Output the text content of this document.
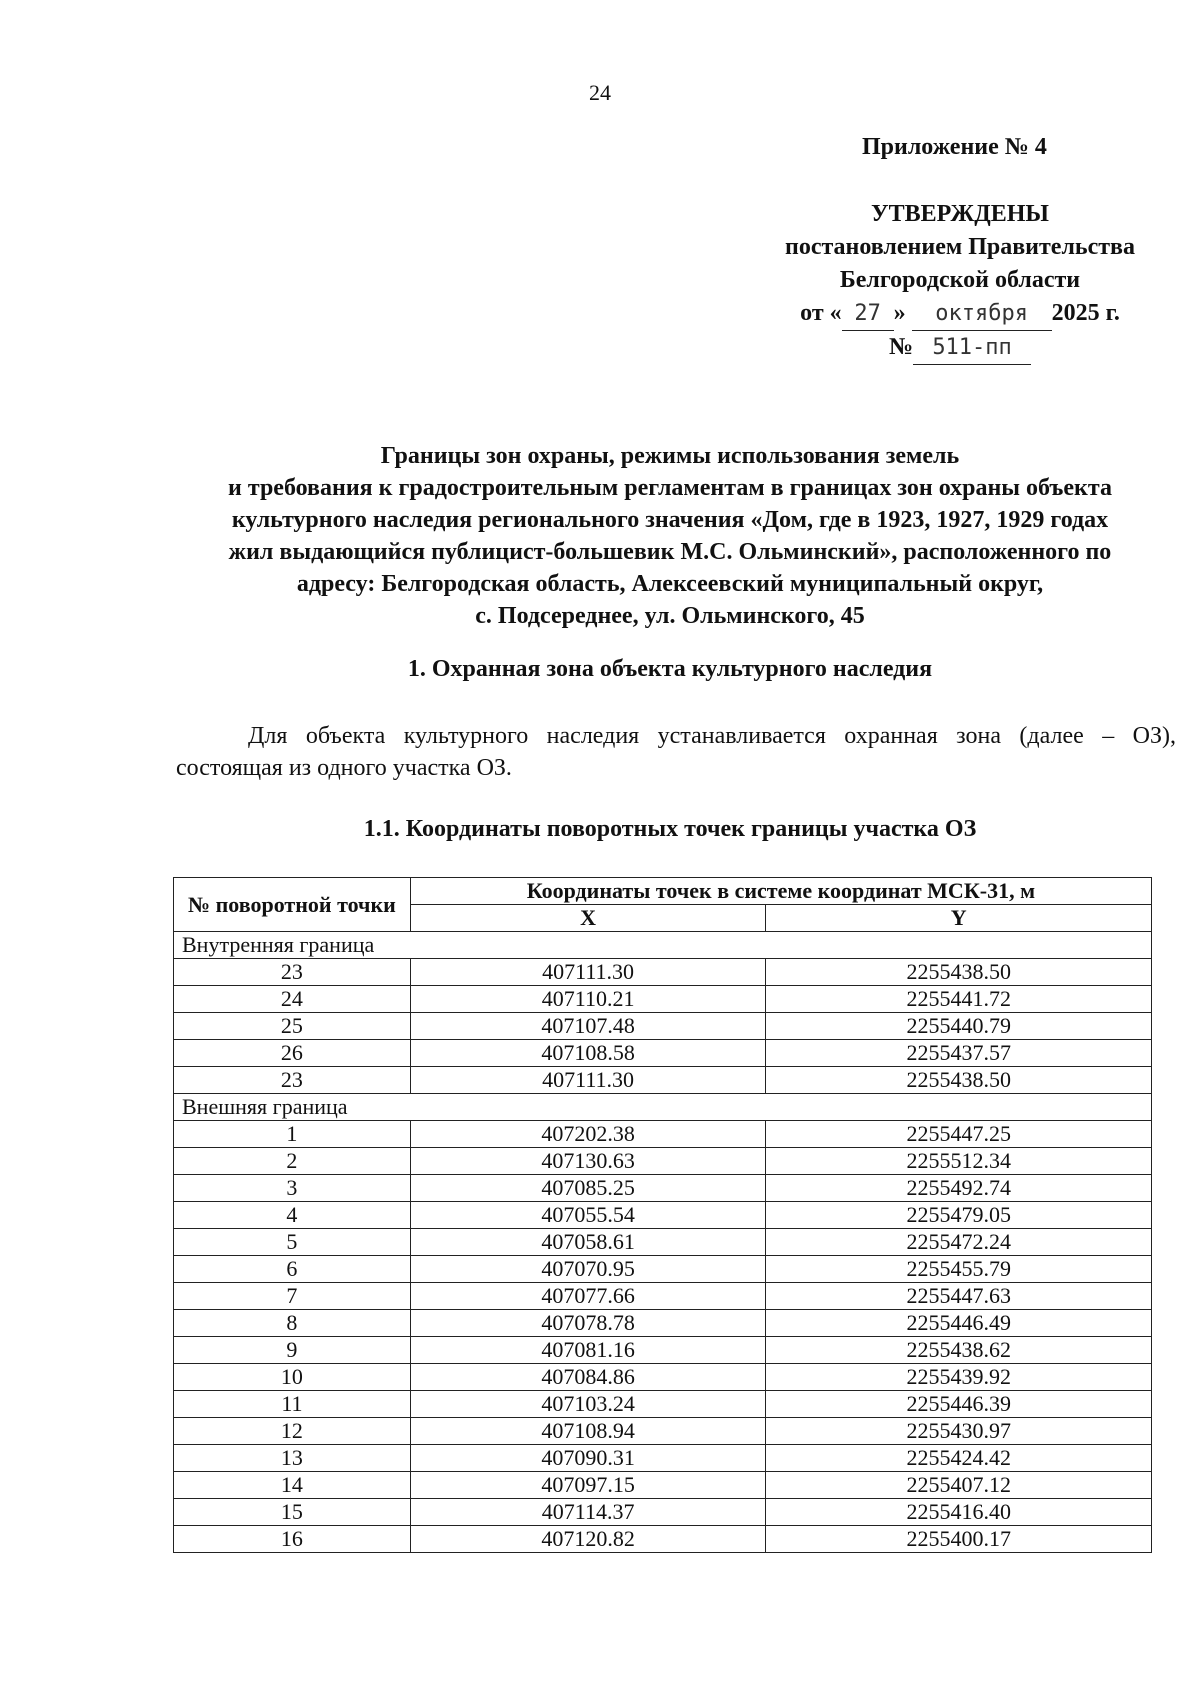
24
Приложение № 4
УТВЕРЖДЕНЫ
постановлением Правительства
Белгородской области
от « 27 » октября 2025 г.
№ 511-пп
Границы зон охраны, режимы использования земель
и требования к градостроительным регламентам в границах зон охраны объекта
культурного наследия регионального значения «Дом, где в 1923, 1927, 1929 годах
жил выдающийся публицист-большевик М.С. Ольминский», расположенного по
адресу: Белгородская область, Алексеевский муниципальный округ,
с. Подсереднее, ул. Ольминского, 45
1. Охранная зона объекта культурного наследия
Для объекта культурного наследия устанавливается охранная зона (далее – ОЗ), состоящая из одного участка ОЗ.
1.1. Координаты поворотных точек границы участка ОЗ
№ поворотной точки	Координаты точек в системе координат МСК-31, м	
	X	Y
Внутренняя граница		
23	407111.30	2255438.50
24	407110.21	2255441.72
25	407107.48	2255440.79
26	407108.58	2255437.57
23	407111.30	2255438.50
Внешняя граница		
1	407202.38	2255447.25
2	407130.63	2255512.34
3	407085.25	2255492.74
4	407055.54	2255479.05
5	407058.61	2255472.24
6	407070.95	2255455.79
7	407077.66	2255447.63
8	407078.78	2255446.49
9	407081.16	2255438.62
10	407084.86	2255439.92
11	407103.24	2255446.39
12	407108.94	2255430.97
13	407090.31	2255424.42
14	407097.15	2255407.12
15	407114.37	2255416.40
16	407120.82	2255400.17
